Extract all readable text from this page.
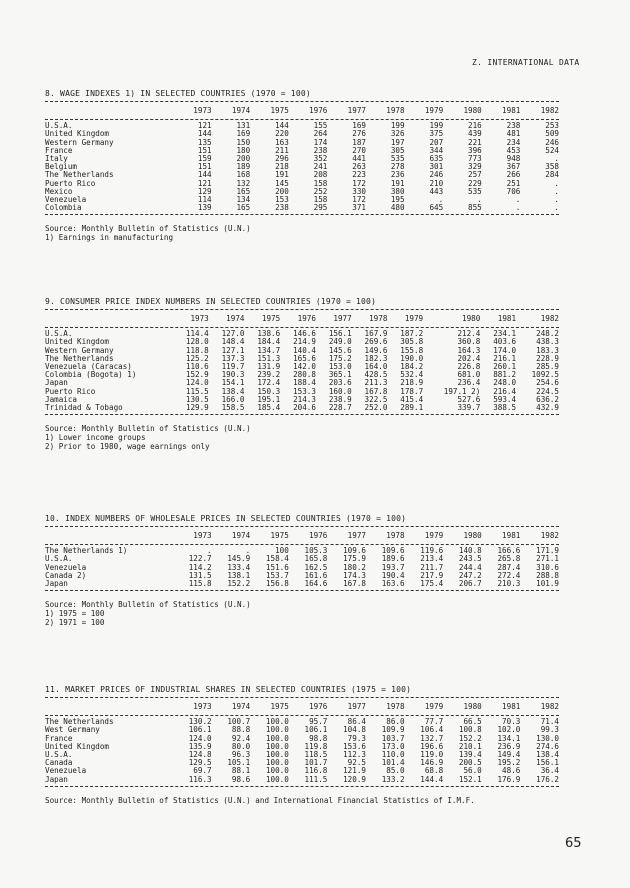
Z. INTERNATIONAL DATA
8. WAGE INDEXES 1) IN SELECTED COUNTRIES (1970 = 100)
	1973	1974	1975	1976	1977	1978	1979	1980	1981	1982

U.S.A.	121	131	144	155	169	199	199	216	238	253
United Kingdom	144	169	220	264	276	326	375	439	481	509
Western Germany	135	150	163	174	187	197	207	221	234	246
France	151	180	211	238	270	305	344	396	453	524
Italy	159	200	296	352	441	535	635	773	948	.
Belgium	151	189	218	241	263	278	301	329	367	358
The Netherlands	144	168	191	208	223	236	246	257	266	284
Puerto Rico	121	132	145	158	172	191	210	229	251	.
Mexico	129	165	200	252	330	380	443	535	706	.
Venezuela	114	134	153	158	172	195	.	.	.	.
Colombia	139	165	238	295	371	480	645	855	.	.
Source: Monthly Bulletin of Statistics (U.N.)
1) Earnings in manufacturing
9. CONSUMER PRICE INDEX NUMBERS IN SELECTED COUNTRIES (1970 = 100)
	1973	1974	1975	1976	1977	1978	1979	1980	1981	1982

U.S.A.	114.4	127.0	138.6	146.6	156.1	167.9	187.2	212.4	234.1	248.2
United Kingdom	128.0	148.4	184.4	214.9	249.0	269.6	305.8	360.8	403.6	438.3
Western Germany	118.8	127.1	134.7	140.4	145.6	149.6	155.8	164.3	174.0	183.3
The Netherlands	125.2	137.3	151.3	165.6	175.2	182.3	190.0	202.4	216.1	228.9
Venezuela (Caracas)	110.6	119.7	131.9	142.0	153.0	164.0	184.2	226.8	260.1	285.9
Colombia (Bogota) 1)	152.9	190.3	239.2	280.8	365.1	428.5	532.4	681.0	881.2	1092.5
Japan	124.0	154.1	172.4	188.4	203.6	211.3	218.9	236.4	248.0	254.6
Puerto Rico	115.5	138.4	150.3	153.3	160.0	167.8	178.7	197.1 2)	216.4	224.5
Jamaica	130.5	166.0	195.1	214.3	238.9	322.5	415.4	527.6	593.4	636.2
Trinidad & Tobago	129.9	158.5	185.4	204.6	228.7	252.0	289.1	339.7	388.5	432.9
Source: Monthly Bulletin of Statistics (U.N.)
1) Lower income groups
2) Prior to 1980, wage earnings only
10. INDEX NUMBERS OF WHOLESALE PRICES IN SELECTED COUNTRIES (1970 = 100)
	1973	1974	1975	1976	1977	1978	1979	1980	1981	1982

The Netherlands 1)	.	.	100	105.3	109.6	109.6	119.6	140.8	166.6	171.9
U.S.A.	122.7	145.9	158.4	165.8	175.9	189.6	213.4	243.5	265.8	271.1
Venezuela	114.2	133.4	151.6	162.5	180.2	193.7	211.7	244.4	287.4	310.6
Canada 2)	131.5	138.1	153.7	161.6	174.3	190.4	217.9	247.2	272.4	288.8
Japan	115.8	152.2	156.8	164.6	167.8	163.6	175.4	206.7	210.3	101.9
Source: Monthly Bulletin of Statistics (U.N.)
1) 1975 = 100
2) 1971 = 100
11. MARKET PRICES OF INDUSTRIAL SHARES IN SELECTED COUNTRIES (1975 = 100)
	1973	1974	1975	1976	1977	1978	1979	1980	1981	1982

The Netherlands	130.2	100.7	100.0	95.7	86.4	86.0	77.7	66.5	70.3	71.4
West Germany	106.1	88.8	100.0	106.1	104.8	109.9	106.4	100.8	102.0	99.3
France	124.0	92.4	100.0	98.8	79.3	103.7	132.7	152.2	134.1	130.0
United Kingdom	135.9	80.0	100.0	119.8	153.6	173.0	196.6	210.1	236.9	274.6
U.S.A.	124.8	96.3	100.0	118.5	112.3	110.0	119.0	139.4	149.4	138.4
Canada	129.5	105.1	100.0	101.7	92.5	101.4	146.9	200.5	195.2	156.1
Venezuela	69.7	88.1	100.0	116.8	121.9	85.0	68.8	56.0	48.6	36.4
Japan	116.3	98.6	100.0	111.5	120.9	133.2	144.4	152.1	176.9	176.2
Source: Monthly Bulletin of Statistics (U.N.) and International Financial Statistics of I.M.F.
65
